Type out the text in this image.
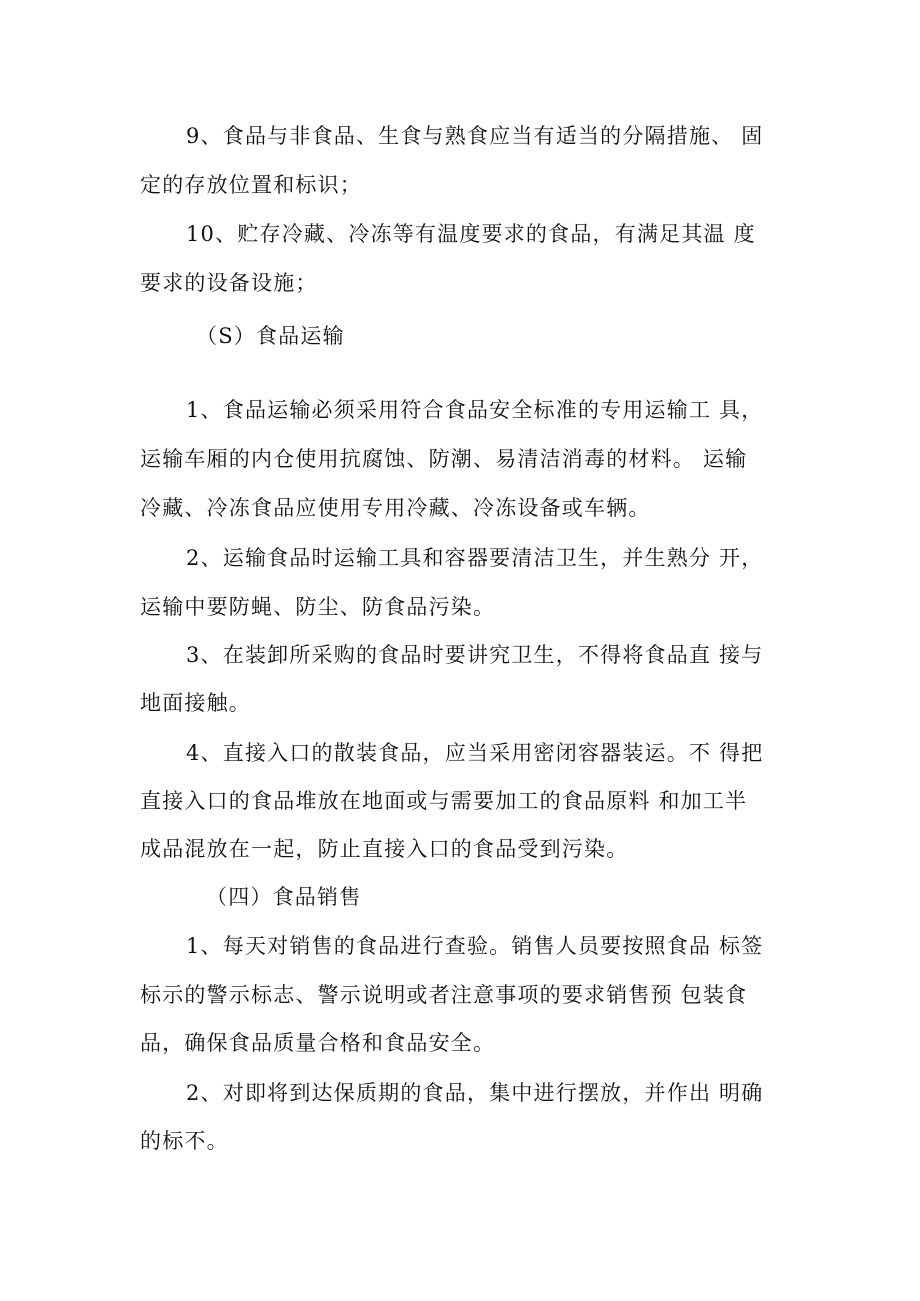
9、食品与非食品、生食与熟食应当有适当的分隔措施、 固
定的存放位置和标识；
10、贮存冷藏、冷冻等有温度要求的食品，有满足其温 度
要求的设备设施；
（S）食品运输
1、食品运输必须采用符合食品安全标准的专用运输工 具，
运输车厢的内仓使用抗腐蚀、防潮、易清洁消毒的材料。 运输
冷藏、冷冻食品应使用专用冷藏、冷冻设备或车辆。
2、运输食品时运输工具和容器要清洁卫生，并生熟分 开，
运输中要防蝇、防尘、防食品污染。
3、在装卸所采购的食品时要讲究卫生，不得将食品直 接与
地面接触。
4、直接入口的散装食品，应当采用密闭容器装运。不 得把
直接入口的食品堆放在地面或与需要加工的食品原料 和加工半
成品混放在一起，防止直接入口的食品受到污染。
（四）食品销售
1、每天对销售的食品进行查验。销售人员要按照食品 标签
标示的警示标志、警示说明或者注意事项的要求销售预 包装食
品，确保食品质量合格和食品安全。
2、对即将到达保质期的食品，集中进行摆放，并作出 明确
的标不。
